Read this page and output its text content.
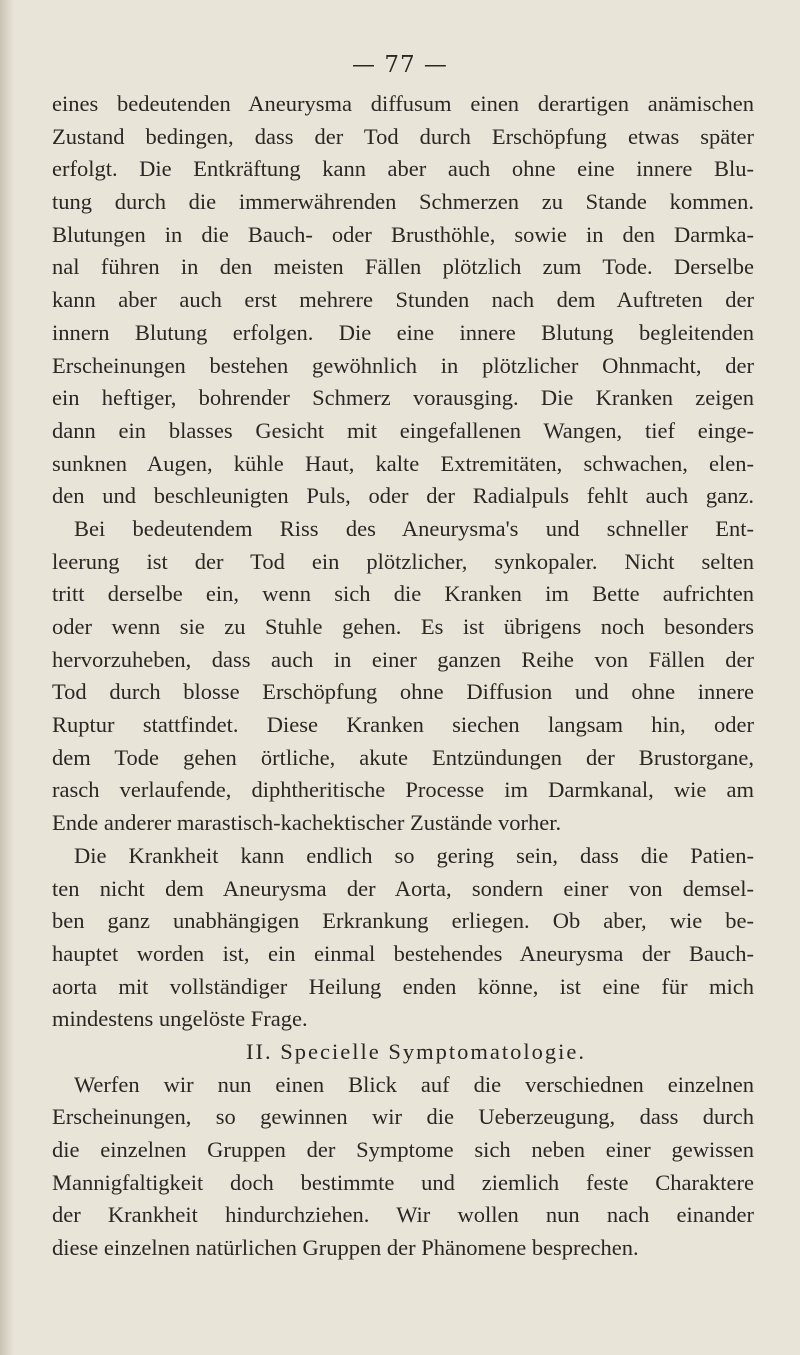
— 77 —
eines bedeutenden Aneurysma diffusum einen derartigen anämischen
Zustand bedingen, dass der Tod durch Erschöpfung etwas später
erfolgt. Die Entkräftung kann aber auch ohne eine innere Blu-
tung durch die immerwährenden Schmerzen zu Stande kommen.
Blutungen in die Bauch- oder Brusthöhle, sowie in den Darmka-
nal führen in den meisten Fällen plötzlich zum Tode. Derselbe
kann aber auch erst mehrere Stunden nach dem Auftreten der
innern Blutung erfolgen. Die eine innere Blutung begleitenden
Erscheinungen bestehen gewöhnlich in plötzlicher Ohnmacht, der
ein heftiger, bohrender Schmerz vorausging. Die Kranken zeigen
dann ein blasses Gesicht mit eingefallenen Wangen, tief einge-
sunknen Augen, kühle Haut, kalte Extremitäten, schwachen, elen-
den und beschleunigten Puls, oder der Radialpuls fehlt auch ganz.
Bei bedeutendem Riss des Aneurysma's und schneller Ent-
leerung ist der Tod ein plötzlicher, synkopaler. Nicht selten
tritt derselbe ein, wenn sich die Kranken im Bette aufrichten
oder wenn sie zu Stuhle gehen. Es ist übrigens noch besonders
hervorzuheben, dass auch in einer ganzen Reihe von Fällen der
Tod durch blosse Erschöpfung ohne Diffusion und ohne innere
Ruptur stattfindet. Diese Kranken siechen langsam hin, oder
dem Tode gehen örtliche, akute Entzündungen der Brustorgane,
rasch verlaufende, diphtheritische Processe im Darmkanal, wie am
Ende anderer marastisch-kachektischer Zustände vorher.
Die Krankheit kann endlich so gering sein, dass die Patien-
ten nicht dem Aneurysma der Aorta, sondern einer von demsel-
ben ganz unabhängigen Erkrankung erliegen. Ob aber, wie be-
hauptet worden ist, ein einmal bestehendes Aneurysma der Bauch-
aorta mit vollständiger Heilung enden könne, ist eine für mich
mindestens ungelöste Frage.
II. Specielle Symptomatologie.
Werfen wir nun einen Blick auf die verschiednen einzelnen
Erscheinungen, so gewinnen wir die Ueberzeugung, dass durch
die einzelnen Gruppen der Symptome sich neben einer gewissen
Mannigfaltigkeit doch bestimmte und ziemlich feste Charaktere
der Krankheit hindurchziehen. Wir wollen nun nach einander
diese einzelnen natürlichen Gruppen der Phänomene besprechen.
